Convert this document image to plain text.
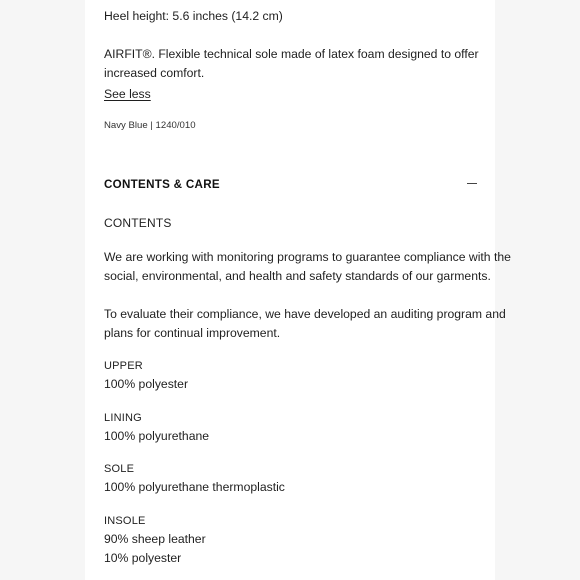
Heel height: 5.6 inches (14.2 cm)
AIRFIT®. Flexible technical sole made of latex foam designed to offer
increased comfort.
See less
Navy Blue | 1240/010
CONTENTS & CARE
CONTENTS
We are working with monitoring programs to guarantee compliance with the
social, environmental, and health and safety standards of our garments.
To evaluate their compliance, we have developed an auditing program and
plans for continual improvement.
UPPER
100% polyester
LINING
100% polyurethane
SOLE
100% polyurethane thermoplastic
INSOLE
90% sheep leather
10% polyester
